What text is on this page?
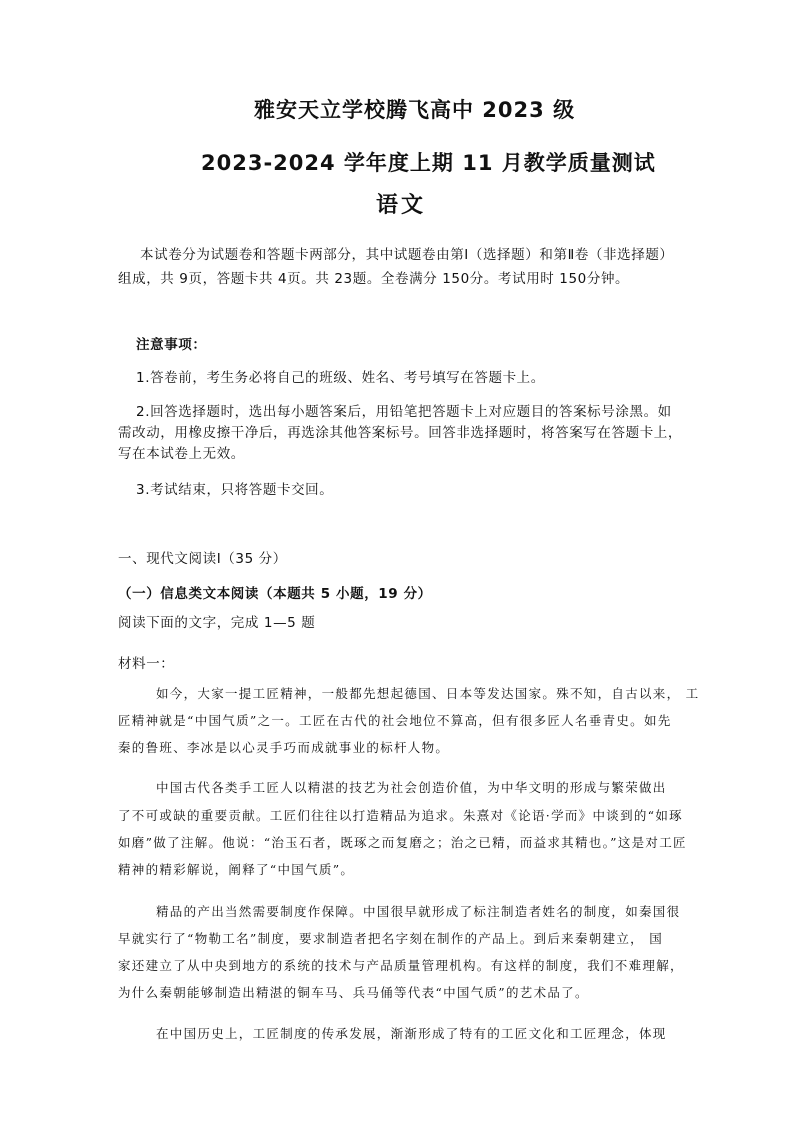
雅安天立学校腾飞高中 2023 级
2023-2024 学年度上期 11 月教学质量测试
语文
本试卷分为试题卷和答题卡两部分，其中试题卷由第Ⅰ（选择题）和第Ⅱ卷（非选择题）
组成，共 9页，答题卡共 4页。共 23题。全卷满分 150分。考试用时 150分钟。
注意事项：
1.答卷前，考生务必将自己的班级、姓名、考号填写在答题卡上。
2.回答选择题时，选出每小题答案后，用铅笔把答题卡上对应题目的答案标号涂黑。如
需改动，用橡皮擦干净后，再选涂其他答案标号。回答非选择题时，将答案写在答题卡上，
写在本试卷上无效。
3.考试结束，只将答题卡交回。
一、现代文阅读Ⅰ（35 分）
（一）信息类文本阅读（本题共 5 小题，19 分）
阅读下面的文字，完成 1—5 题
材料一：
如今，大家一提工匠精神，一般都先想起德国、日本等发达国家。殊不知，自古以来， 工
匠精神就是“中国气质”之一。工匠在古代的社会地位不算高，但有很多匠人名垂青史。如先
秦的鲁班、李冰是以心灵手巧而成就事业的标杆人物。
中国古代各类手工匠人以精湛的技艺为社会创造价值，为中华文明的形成与繁荣做出
了不可或缺的重要贡献。工匠们往往以打造精品为追求。朱熹对《论语·学而》中谈到的“如琢
如磨”做了注解。他说：“治玉石者，既琢之而复磨之；治之已精，而益求其精也。”这是对工匠
精神的精彩解说，阐释了“中国气质”。
精品的产出当然需要制度作保障。中国很早就形成了标注制造者姓名的制度，如秦国很
早就实行了“物勒工名”制度，要求制造者把名字刻在制作的产品上。到后来秦朝建立， 国
家还建立了从中央到地方的系统的技术与产品质量管理机构。有这样的制度，我们不难理解，
为什么秦朝能够制造出精湛的铜车马、兵马俑等代表“中国气质”的艺术品了。
在中国历史上，工匠制度的传承发展，渐渐形成了特有的工匠文化和工匠理念，体现
